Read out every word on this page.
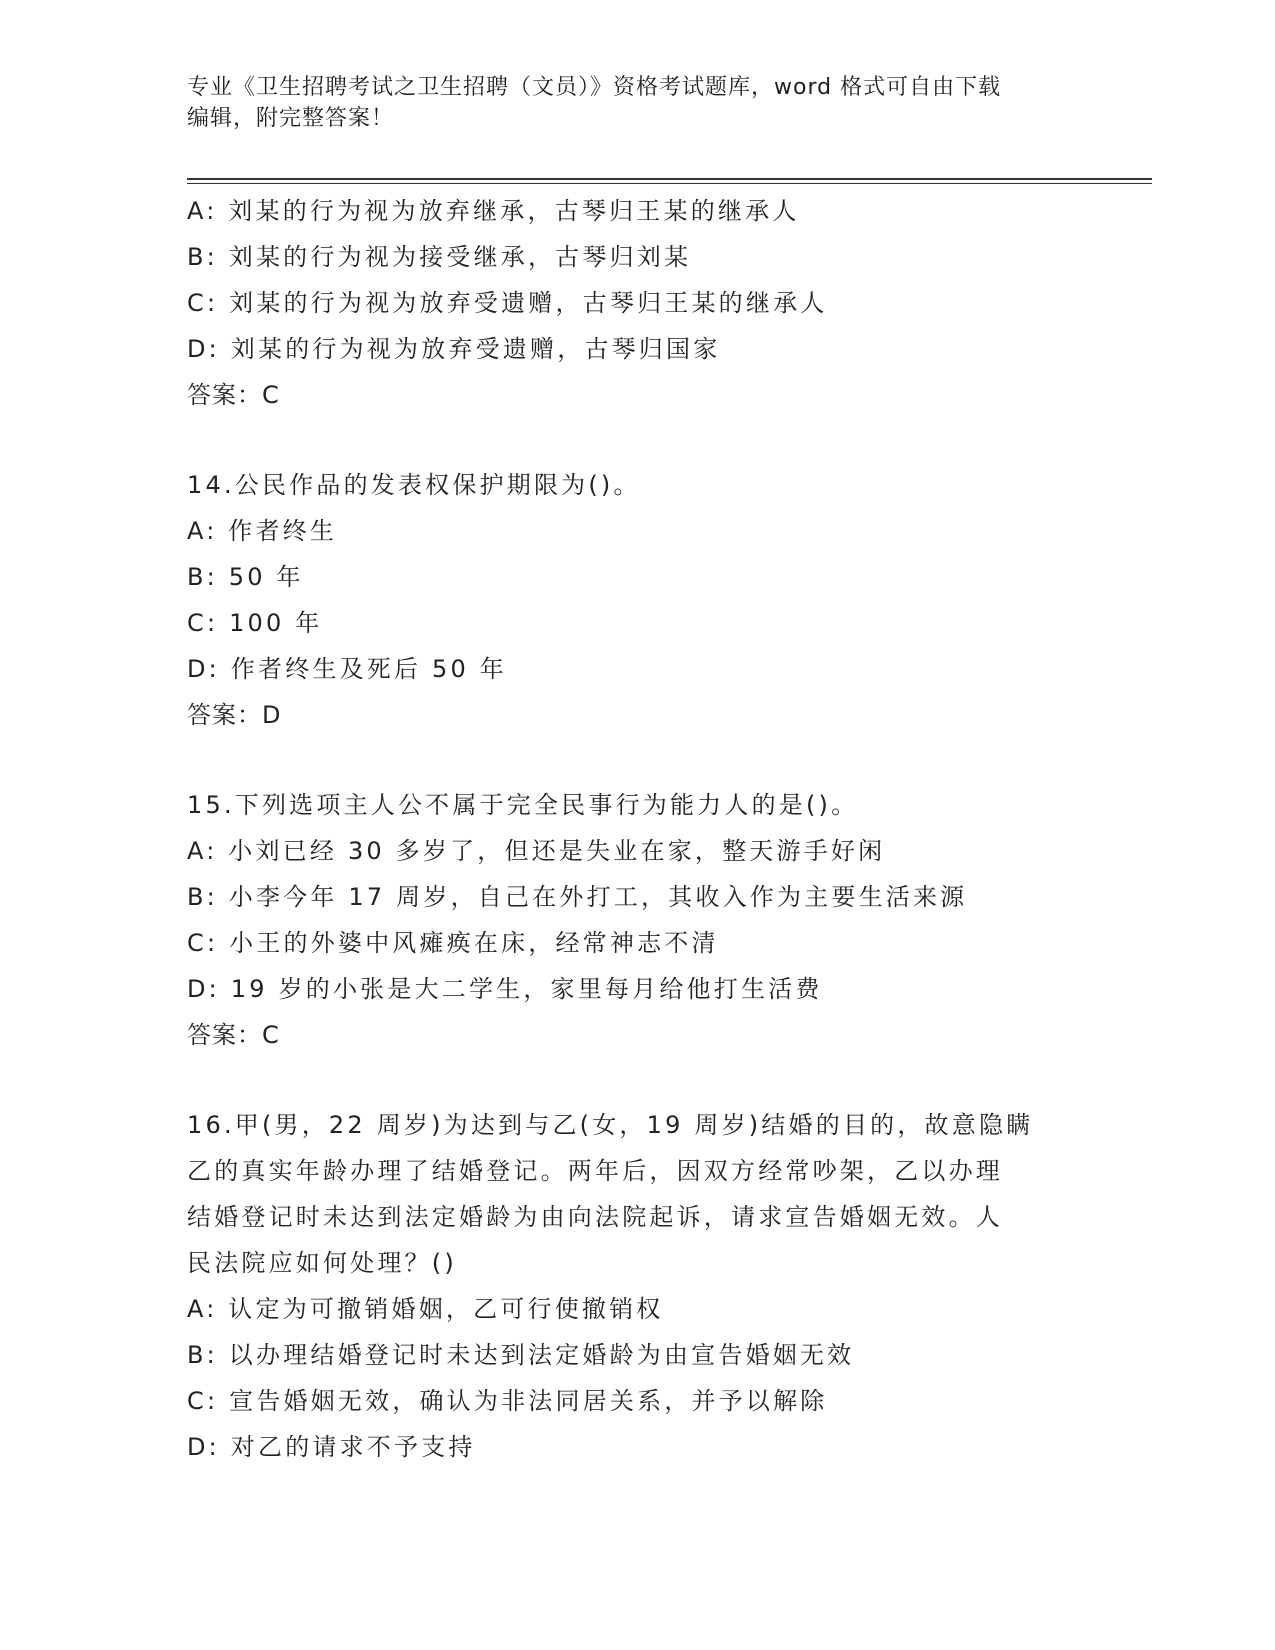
专业《卫生招聘考试之卫生招聘（文员）》资格考试题库，word 格式可自由下载
编辑，附完整答案！
A: 刘某的行为视为放弃继承，古琴归王某的继承人
B: 刘某的行为视为接受继承，古琴归刘某
C: 刘某的行为视为放弃受遗赠，古琴归王某的继承人
D: 刘某的行为视为放弃受遗赠，古琴归国家
答案：C
14.公民作品的发表权保护期限为()。
A: 作者终生
B: 50 年
C: 100 年
D: 作者终生及死后 50 年
答案：D
15.下列选项主人公不属于完全民事行为能力人的是()。
A: 小刘已经 30 多岁了，但还是失业在家，整天游手好闲
B: 小李今年 17 周岁，自己在外打工，其收入作为主要生活来源
C: 小王的外婆中风瘫痪在床，经常神志不清
D: 19 岁的小张是大二学生，家里每月给他打生活费
答案：C
16.甲(男，22 周岁)为达到与乙(女，19 周岁)结婚的目的，故意隐瞒
乙的真实年龄办理了结婚登记。两年后，因双方经常吵架，乙以办理
结婚登记时未达到法定婚龄为由向法院起诉，请求宣告婚姻无效。人
民法院应如何处理？()
A: 认定为可撤销婚姻，乙可行使撤销权
B: 以办理结婚登记时未达到法定婚龄为由宣告婚姻无效
C: 宣告婚姻无效，确认为非法同居关系，并予以解除
D: 对乙的请求不予支持
